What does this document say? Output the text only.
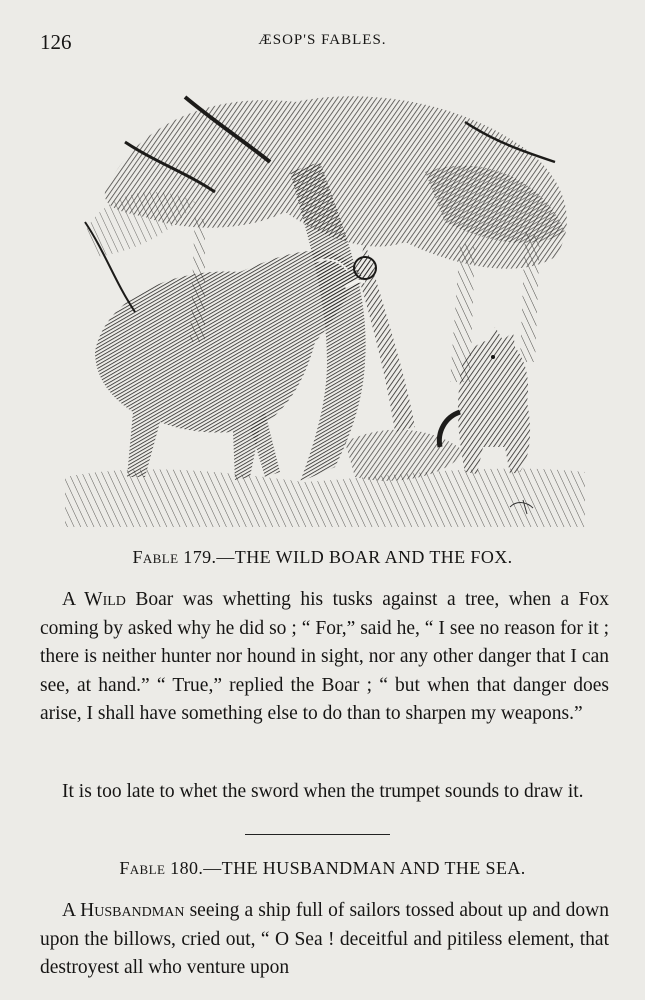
126	ÆSOP'S FABLES.
Fable 179.—THE WILD BOAR AND THE FOX.

A Wild Boar was whetting his tusks against a tree, when a Fox coming by asked why he did so ; “ For,” said he, “ I see no reason for it ; there is neither hunter nor hound in sight, nor any other danger that I can see, at hand.” “ True,” replied the Boar ; “ but when that danger does arise, I shall have something else to do than to sharpen my weapons.”

It is too late to whet the sword when the trumpet sounds to draw it.

Fable 180.—THE HUSBANDMAN AND THE SEA.

A Husbandman seeing a ship full of sailors tossed about up and down upon the billows, cried out, “ O Sea ! deceitful and pitiless element, that destroyest all who venture upon
